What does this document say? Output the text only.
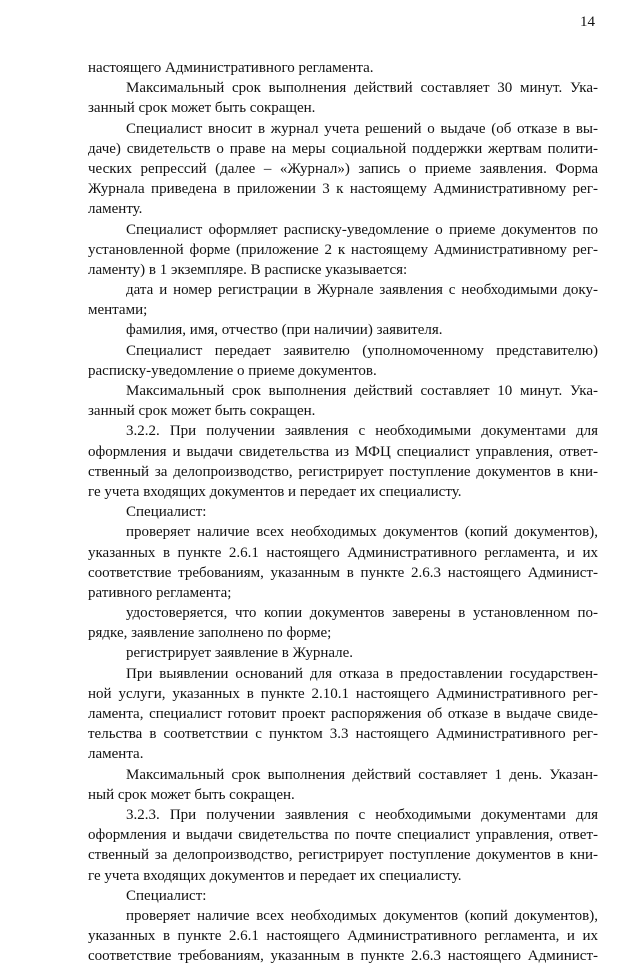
14
настоящего Административного регламента.
Максимальный срок выполнения действий составляет 30 минут. Ука-
занный срок может быть сокращен.
Специалист вносит в журнал учета решений о выдаче (об отказе в вы-
даче) свидетельств о праве на меры социальной поддержки жертвам полити-
ческих репрессий (далее – «Журнал») запись о приеме заявления. Форма
Журнала приведена в приложении 3 к настоящему Административному рег-
ламенту.
Специалист оформляет расписку-уведомление о приеме документов по
установленной форме (приложение 2 к настоящему Административному рег-
ламенту) в 1 экземпляре. В расписке указывается:
дата и номер регистрации в Журнале заявления с необходимыми доку-
ментами;
фамилия, имя, отчество (при наличии) заявителя.
Специалист передает заявителю (уполномоченному представителю)
расписку-уведомление о приеме документов.
Максимальный срок выполнения действий составляет 10 минут. Ука-
занный срок может быть сокращен.
3.2.2. При получении заявления с необходимыми документами для
оформления и выдачи свидетельства из МФЦ специалист управления, ответ-
ственный за делопроизводство, регистрирует поступление документов в кни-
ге учета входящих документов и передает их специалисту.
Специалист:
проверяет наличие всех необходимых документов (копий документов),
указанных в пункте 2.6.1 настоящего Административного регламента, и их
соответствие требованиям, указанным в пункте 2.6.3 настоящего Админист-
ративного регламента;
удостоверяется, что копии документов заверены в установленном по-
рядке, заявление заполнено по форме;
регистрирует заявление в Журнале.
При выявлении оснований для отказа в предоставлении государствен-
ной услуги, указанных в пункте 2.10.1 настоящего Административного рег-
ламента, специалист готовит проект распоряжения об отказе в выдаче свиде-
тельства в соответствии с пунктом 3.3 настоящего Административного рег-
ламента.
Максимальный срок выполнения действий составляет 1 день. Указан-
ный срок может быть сокращен.
3.2.3. При получении заявления с необходимыми документами для
оформления и выдачи свидетельства по почте специалист управления, ответ-
ственный за делопроизводство, регистрирует поступление документов в кни-
ге учета входящих документов и передает их специалисту.
Специалист:
проверяет наличие всех необходимых документов (копий документов),
указанных в пункте 2.6.1 настоящего Административного регламента, и их
соответствие требованиям, указанным в пункте 2.6.3 настоящего Админист-
